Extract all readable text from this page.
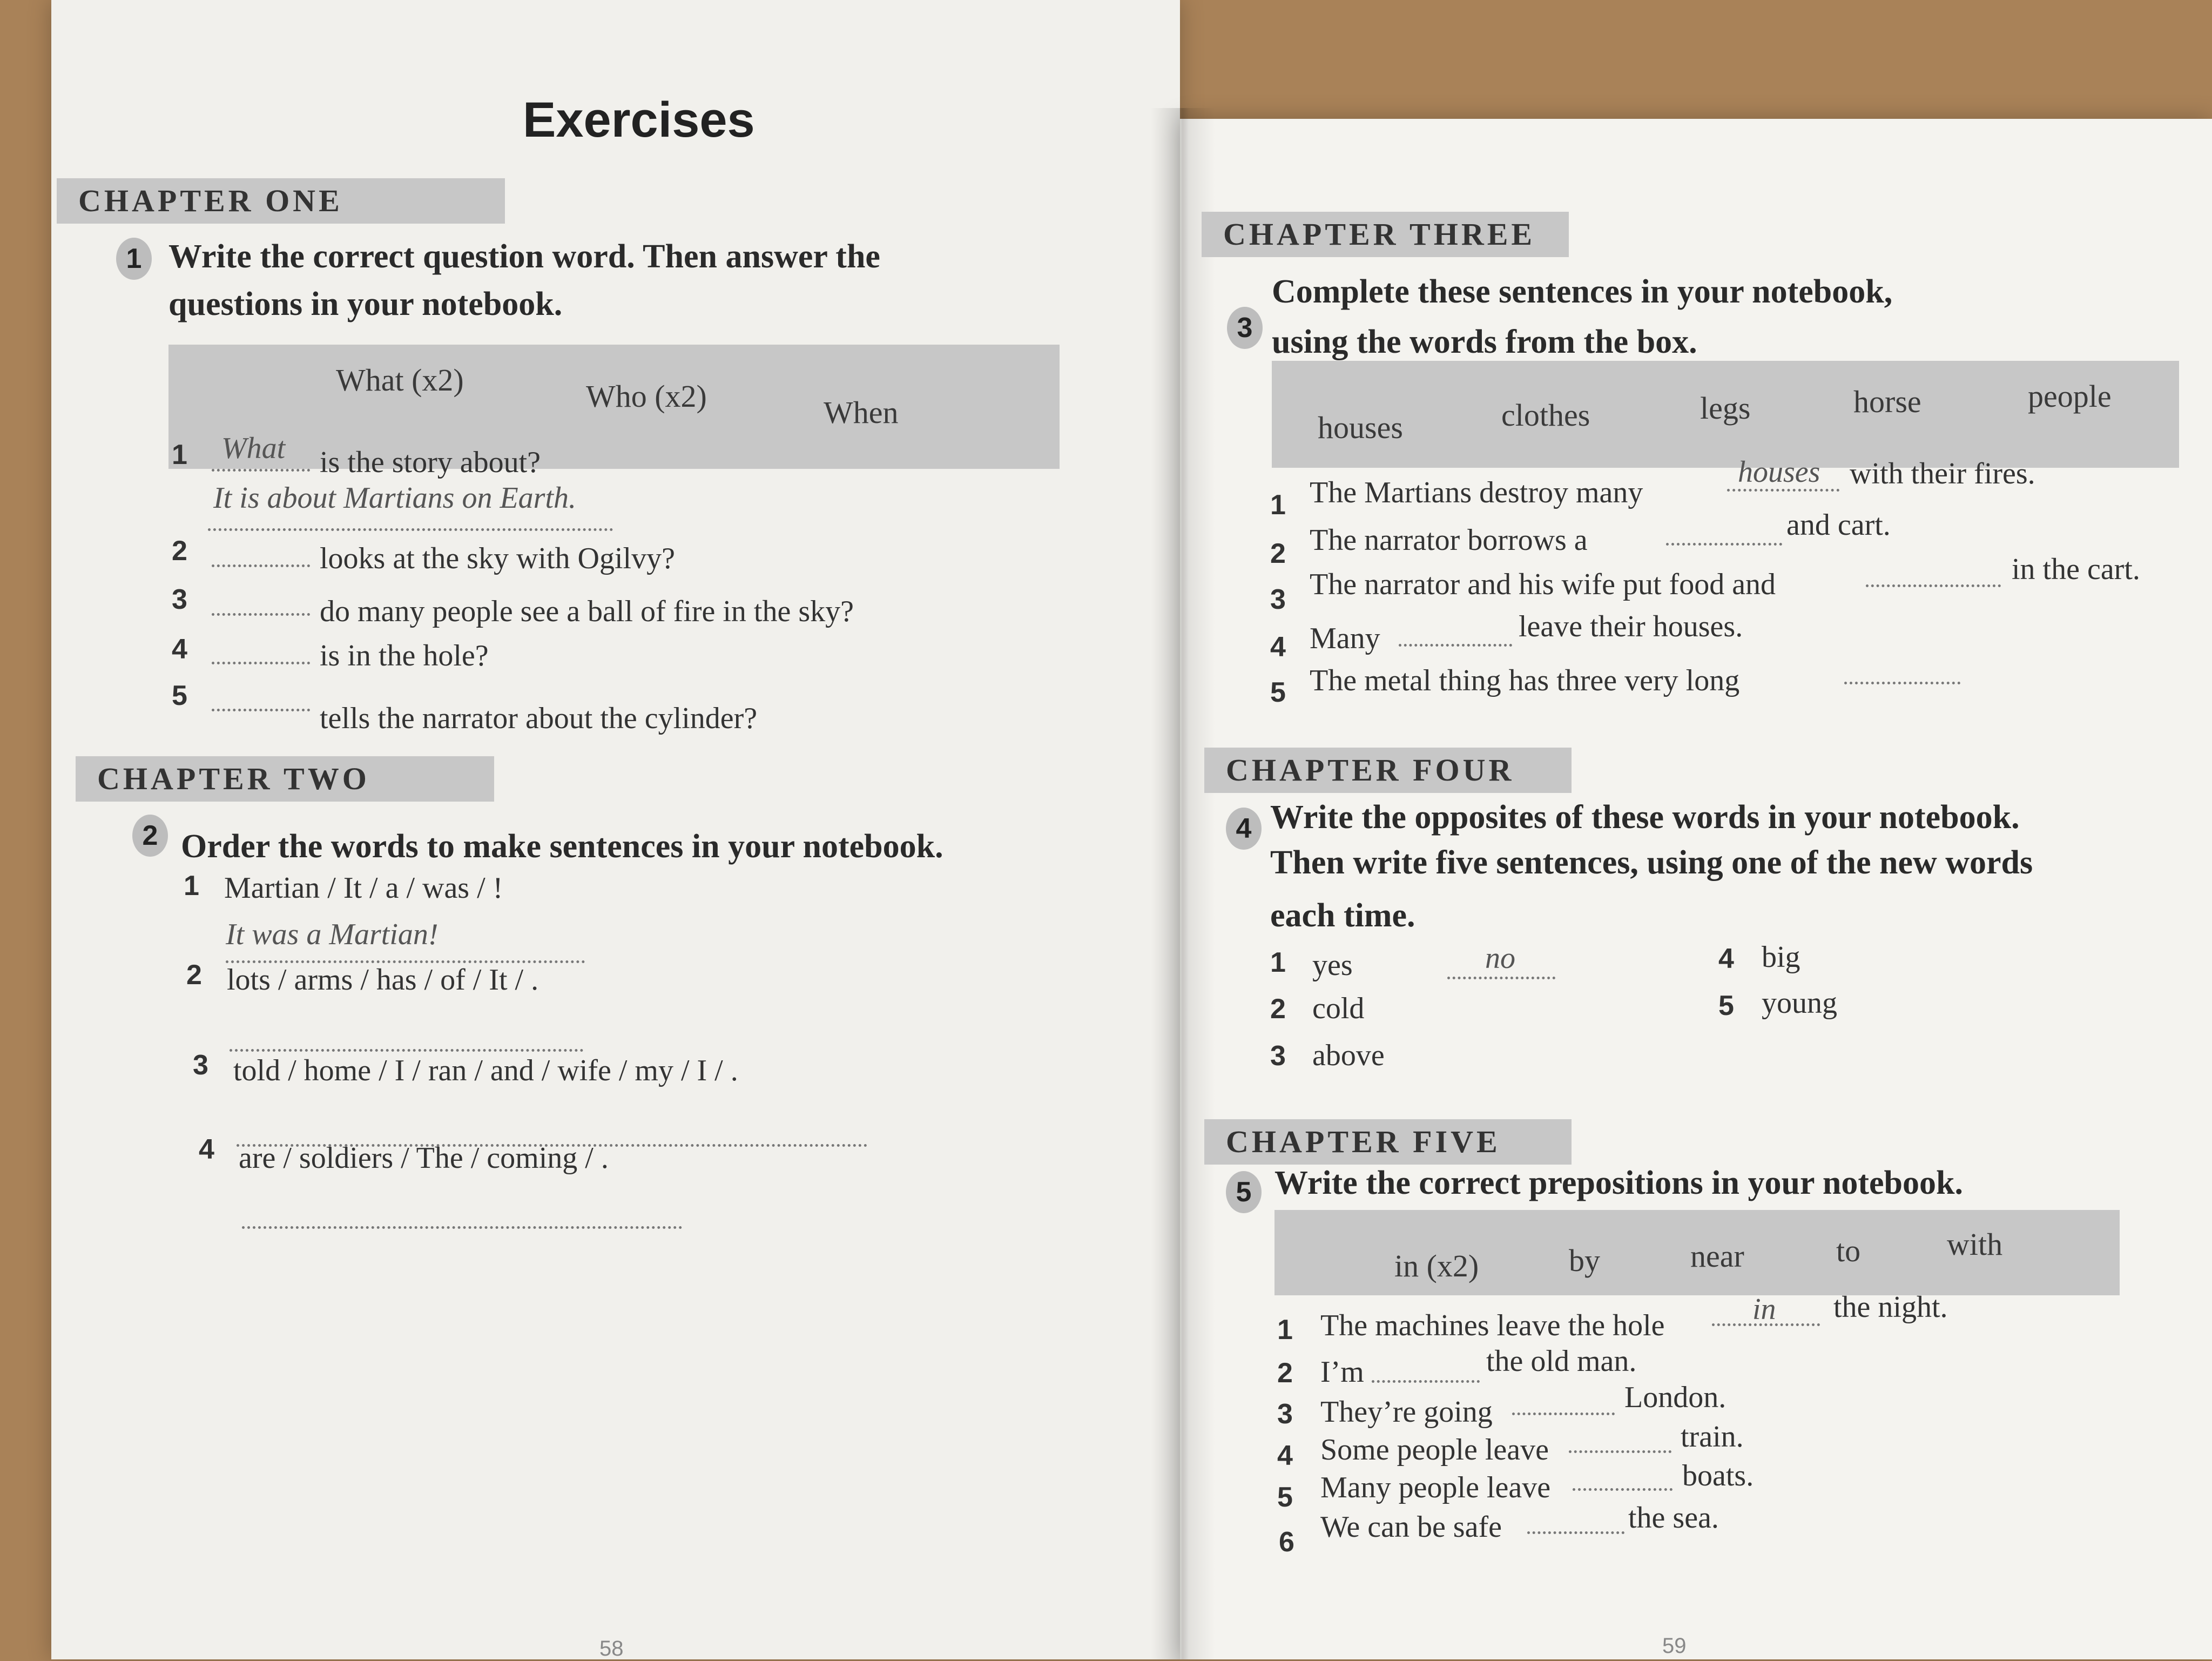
Exercises
CHAPTER ONE
1 Write the correct question word. Then answer the
questions in your notebook.
What (x2)	Who (x2)	When
1 What is the story about?
It is about Martians on Earth.
2	looks at the sky with Ogilvy?
3	do many people see a ball of fire in the sky?
4	is in the hole?
5
tells the narrator about the cylinder?
CHAPTER TWO
2 Order the words to make sentences in your notebook.
1 Martian / It / a / was / !
It was a Martian!
2 lots / arms / has / of / It / .
3 told / home / I / ran / and / wife / my / I / .
4 are / soldiers / The / coming / .
58
CHAPTER THREE
3
Complete these sentences in your notebook,
using the words from the box.
houses	clothes	legs	horse	people
1 The Martians destroy many
houses with their fires.
2 The narrator borrows a	and cart.
3 The narrator and his wife put food and	in the cart.
4 Many	leave their houses.
5 The metal thing has three very long
CHAPTER FOUR
4 Write the opposites of these words in your notebook.
Then write five sentences, using one of the new words
each time.
1 yes	no
2 cold
3 above
4 big
5 young
CHAPTER FIVE
5 Write the correct prepositions in your notebook.
in (x2)	by	near	to	with
1 The machines leave the hole	in the night.
2 I’m	the old man.
3 They’re going	London.
4 Some people leave	train.
5 Many people leave	boats.
6 We can be safe	the sea.
59
